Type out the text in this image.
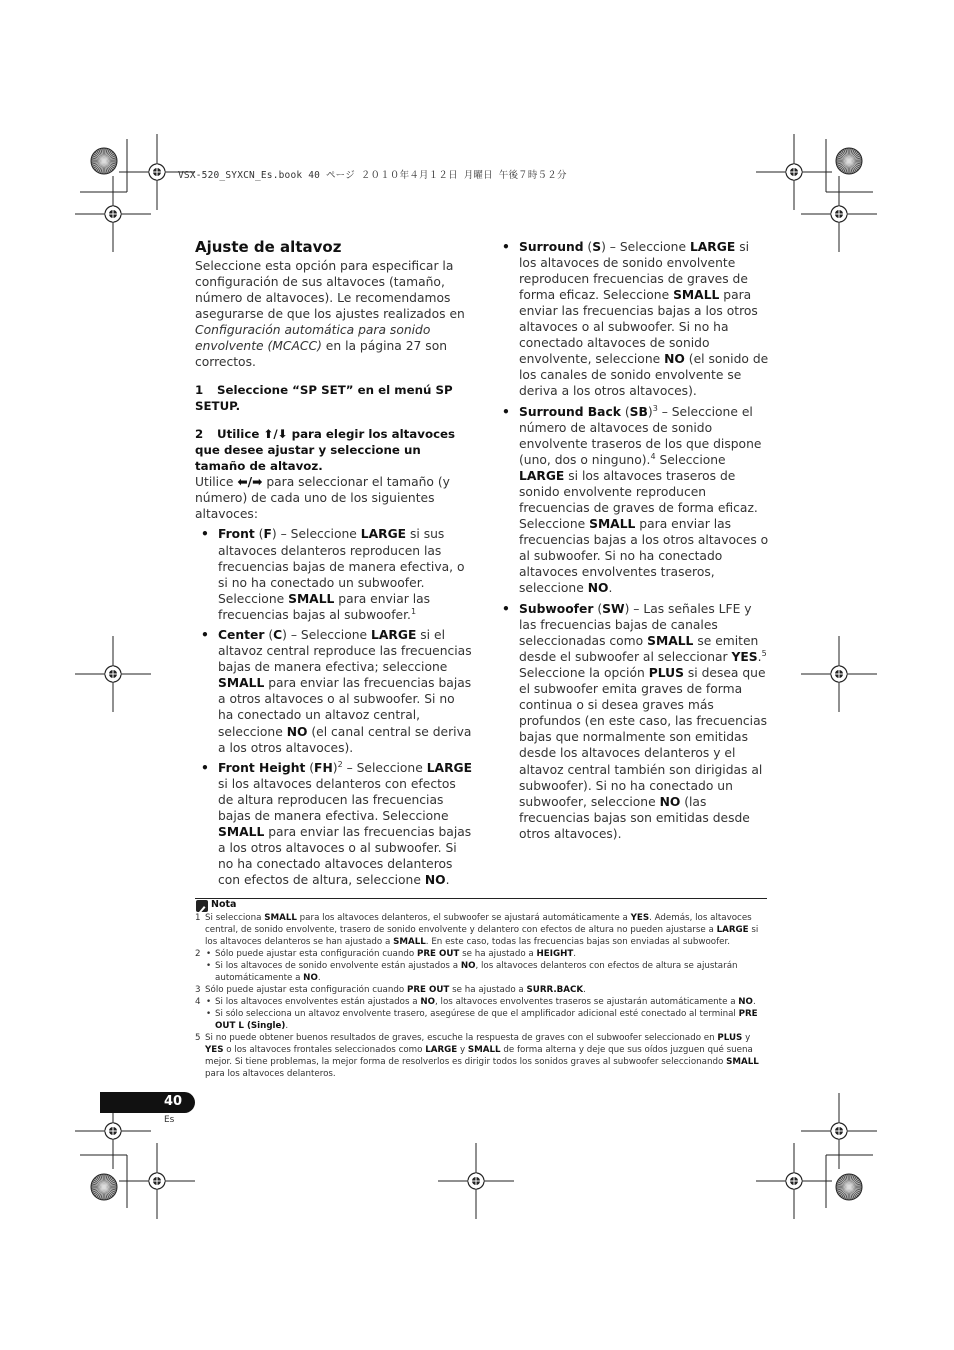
VSX-520_SYXCN_Es.book 40 ページ ２０１０年４月１２日 月曜日 午後７時５２分
Ajuste de altavoz

Seleccione esta opción para especificar la configuración de sus altavoces (tamaño, número de altavoces). Le recomendamos asegurarse de que los ajustes realizados en Configuración automática para sonido envolvente (MCACC) en la página 27 son correctos.

1 Seleccione “SP SET” en el menú SP SETUP.

2 Utilice ⬆/⬇ para elegir los altavoces que desee ajustar y seleccione un tamaño de altavoz.

Utilice ⬅/➡ para seleccionar el tamaño (y número) de cada uno de los siguientes altavoces:

• Front (F) – Seleccione LARGE si sus altavoces delanteros reproducen las frecuencias bajas de manera efectiva, o si no ha conectado un subwoofer. Seleccione SMALL para enviar las frecuencias bajas al subwoofer.$^1$
• Center (C) – Seleccione LARGE si el altavoz central reproduce las frecuencias bajas de manera efectiva; seleccione SMALL para enviar las frecuencias bajas a otros altavoces o al subwoofer. Si no ha conectado un altavoz central, seleccione NO (el canal central se deriva a los otros altavoces).
• Front Height (FH)$^2$ – Seleccione LARGE si los altavoces delanteros con efectos de altura reproducen las frecuencias bajas de manera efectiva. Seleccione SMALL para enviar las frecuencias bajas a los otros altavoces o al subwoofer. Si no ha conectado altavoces delanteros con efectos de altura, seleccione NO.
• Surround (S) – Seleccione LARGE si los altavoces de sonido envolvente reproducen frecuencias de graves de forma eficaz. Seleccione SMALL para enviar las frecuencias bajas a los otros altavoces o al subwoofer. Si no ha conectado altavoces de sonido envolvente, seleccione NO (el sonido de los canales de sonido envolvente se deriva a los otros altavoces).
• Surround Back (SB)$^3$ – Seleccione el número de altavoces de sonido envolvente traseros de los que dispone (uno, dos o ninguno).$^4$ Seleccione LARGE si los altavoces traseros de sonido envolvente reproducen frecuencias de graves de forma eficaz. Seleccione SMALL para enviar las frecuencias bajas a los otros altavoces o al subwoofer. Si no ha conectado altavoces envolventes traseros, seleccione NO.
• Subwoofer (SW) – Las señales LFE y las frecuencias bajas de canales seleccionadas como SMALL se emiten desde el subwoofer al seleccionar YES.$^5$ Seleccione la opción PLUS si desea que el subwoofer emita graves de forma continua o si desea graves más profundos (en este caso, las frecuencias bajas que normalmente son emitidas desde los altavoces delanteros y el altavoz central también son dirigidas al subwoofer). Si no ha conectado un subwoofer, seleccione NO (las frecuencias bajas son emitidas desde otros altavoces).
Nota
1 Si selecciona SMALL para los altavoces delanteros, el subwoofer se ajustará automáticamente a YES. Además, los altavoces central, de sonido envolvente, trasero de sonido envolvente y delantero con efectos de altura no pueden ajustarse a LARGE si los altavoces delanteros se han ajustado a SMALL. En este caso, todas las frecuencias bajas son enviadas al subwoofer.
2	• Sólo puede ajustar esta configuración cuando PRE OUT se ha ajustado a HEIGHT.
• Si los altavoces de sonido envolvente están ajustados a NO, los altavoces delanteros con efectos de altura se ajustarán automáticamente a NO.
3 Sólo puede ajustar esta configuración cuando PRE OUT se ha ajustado a SURR.BACK.
4	• Si los altavoces envolventes están ajustados a NO, los altavoces envolventes traseros se ajustarán automáticamente a NO.
• Si sólo selecciona un altavoz envolvente trasero, asegúrese de que el amplificador adicional esté conectado al terminal PRE OUT L (Single).
5 Si no puede obtener buenos resultados de graves, escuche la respuesta de graves con el subwoofer seleccionado en PLUS y YES o los altavoces frontales seleccionados como LARGE y SMALL de forma alterna y deje que sus oídos juzguen qué suena mejor. Si tiene problemas, la mejor forma de resolverlos es dirigir todos los sonidos graves al subwoofer seleccionando SMALL para los altavoces delanteros.
40
Es
